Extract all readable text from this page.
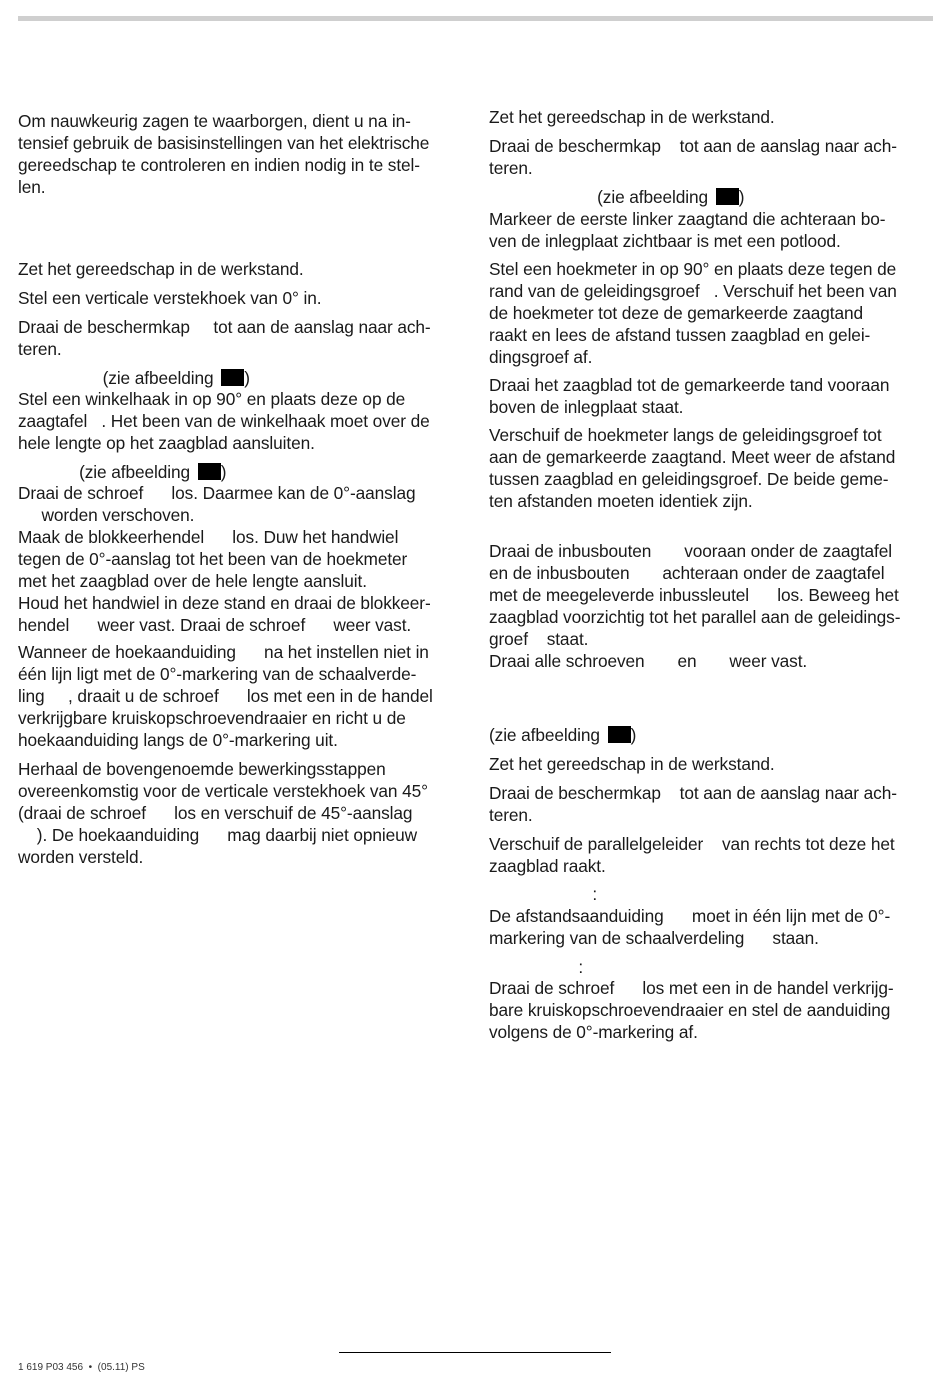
Om nauwkeurig zagen te waarborgen, dient u na in-
tensief gebruik de basisinstellingen van het elektrische
gereedschap te controleren en indien nodig in te stel-
len.
Zet het gereedschap in de werkstand.
Stel een verticale verstekhoek van 0° in.
Draai de beschermkap     tot aan de aanslag naar ach-
teren.
(zie afbeelding )
Stel een winkelhaak in op 90° en plaats deze op de
zaagtafel   . Het been van de winkelhaak moet over de
hele lengte op het zaagblad aansluiten.
(zie afbeelding )
Draai de schroef      los. Daarmee kan de 0°-aanslag
worden verschoven.
Maak de blokkeerhendel      los. Duw het handwiel
tegen de 0°-aanslag tot het been van de hoekmeter
met het zaagblad over de hele lengte aansluit.
Houd het handwiel in deze stand en draai de blokkeer-
hendel      weer vast. Draai de schroef      weer vast.
Wanneer de hoekaanduiding      na het instellen niet in
één lijn ligt met de 0°-markering van de schaalverde-
ling     , draait u de schroef      los met een in de handel
verkrijgbare kruiskopschroevendraaier en richt u de
hoekaanduiding langs de 0°-markering uit.
Herhaal de bovengenoemde bewerkingsstappen
overeenkomstig voor de verticale verstekhoek van 45°
(draai de schroef      los en verschuif de 45°-aanslag
). De hoekaanduiding      mag daarbij niet opnieuw
worden versteld.
Zet het gereedschap in de werkstand.
Draai de beschermkap    tot aan de aanslag naar ach-
teren.
(zie afbeelding )
Markeer de eerste linker zaagtand die achteraan bo-
ven de inlegplaat zichtbaar is met een potlood.
Stel een hoekmeter in op 90° en plaats deze tegen de
rand van de geleidingsgroef   . Verschuif het been van
de hoekmeter tot deze de gemarkeerde zaagtand
raakt en lees de afstand tussen zaagblad en gelei-
dingsgroef af.
Draai het zaagblad tot de gemarkeerde tand vooraan
boven de inlegplaat staat.
Verschuif de hoekmeter langs de geleidingsgroef tot
aan de gemarkeerde zaagtand. Meet weer de afstand
tussen zaagblad en geleidingsgroef. De beide geme-
ten afstanden moeten identiek zijn.
Draai de inbusbouten       vooraan onder de zaagtafel
en de inbusbouten       achteraan onder de zaagtafel
met de meegeleverde inbussleutel      los. Beweeg het
zaagblad voorzichtig tot het parallel aan de geleidings-
groef    staat.
Draai alle schroeven       en       weer vast.
(zie afbeelding )
Zet het gereedschap in de werkstand.
Draai de beschermkap    tot aan de aanslag naar ach-
teren.
Verschuif de parallelgeleider    van rechts tot deze het
zaagblad raakt.
:
De afstandsaanduiding      moet in één lijn met de 0°-
markering van de schaalverdeling      staan.
:
Draai de schroef      los met een in de handel verkrijg-
bare kruiskopschroevendraaier en stel de aanduiding
volgens de 0°-markering af.
1 619 P03 456  •  (05.11) PS
